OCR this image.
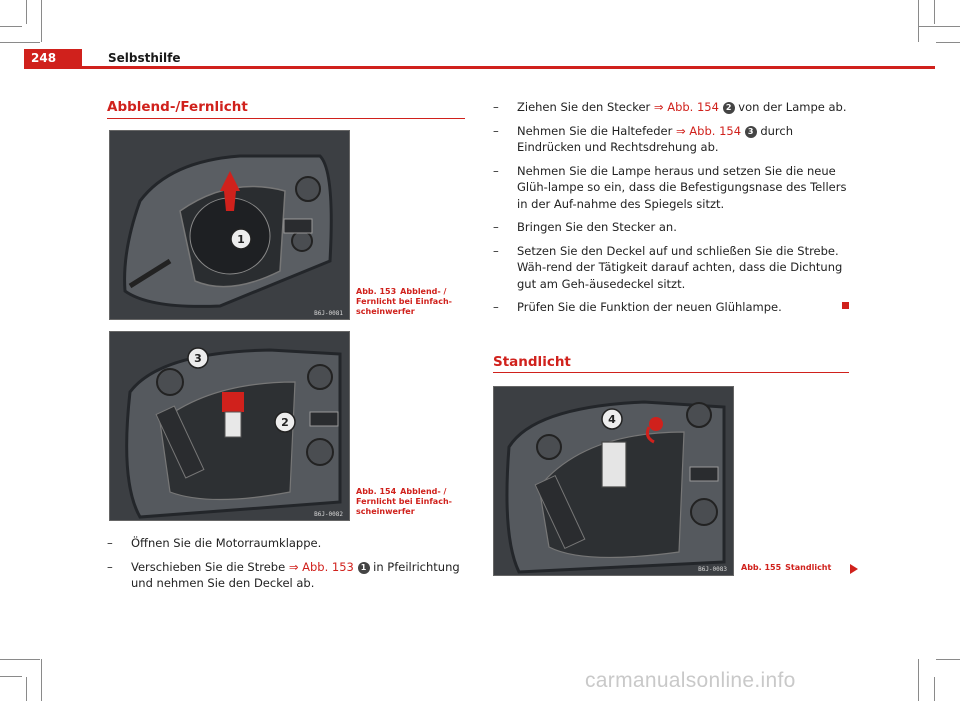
248	Selbsthilfe
Abblend-/Fernlicht
1
B6J-0081
Abb. 153 Abblend- / Fernlicht bei Einfach-scheinwerfer
3
2
B6J-0082
Abb. 154 Abblend- / Fernlicht bei Einfach-scheinwerfer
– Öffnen Sie die Motorraumklappe.
– Verschieben Sie die Strebe ⇒ Abb. 153 1 in Pfeilrichtung und nehmen Sie den Deckel ab.
– Ziehen Sie den Stecker ⇒ Abb. 154 2 von der Lampe ab.
– Nehmen Sie die Haltefeder ⇒ Abb. 154 3 durch Eindrücken und Rechtsdrehung ab.
– Nehmen Sie die Lampe heraus und setzen Sie die neue Glüh-lampe so ein, dass die Befestigungsnase des Tellers in der Auf-nahme des Spiegels sitzt.
– Bringen Sie den Stecker an.
– Setzen Sie den Deckel auf und schließen Sie die Strebe. Wäh-rend der Tätigkeit darauf achten, dass die Dichtung gut am Geh-äusedeckel sitzt.
– Prüfen Sie die Funktion der neuen Glühlampe.
Standlicht
4
B6J-0083 Abb. 155 Standlicht
carmanualsonline.info
